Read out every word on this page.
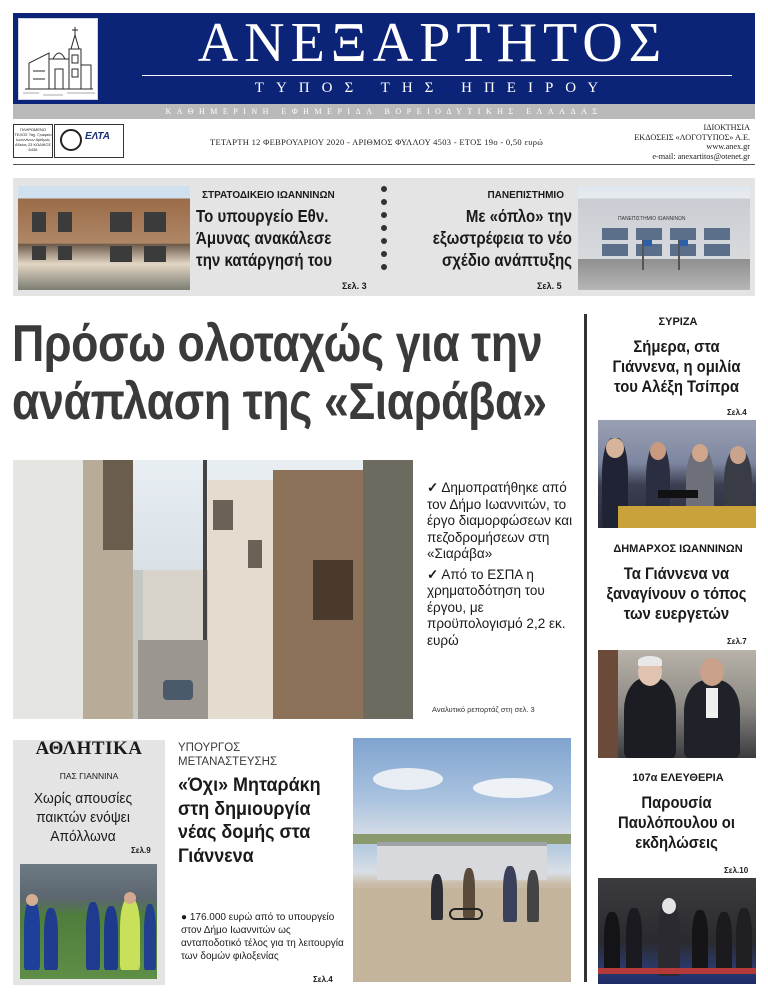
ΑΝΕΞΑΡΤΗΤΟΣ
ΤΥΠΟΣ ΤΗΣ ΗΠΕΙΡΟΥ
ΚΑΘΗΜΕΡΙΝΗ ΕΦΗΜΕΡΙΔΑ ΒΟΡΕΙΟΔΥΤΙΚΗΣ ΕΛΛΑΔΑΣ
ΠΛΗΡΩΜΕΝΟ ΤΕΛΟΣ Ταχ. Γραφείο Ιωαννίνων Αριθμός Αδείας 23 ΚΩΔΙΚΟΣ 6436
ΕΛΤΑ	ΤΕΤΑΡΤΗ 12 ΦΕΒΡΟΥΑΡΙΟΥ 2020 - ΑΡΙΘΜΟΣ ΦΥΛΛΟΥ 4503 - ΕΤΟΣ 19ο - 0,50 ευρώ
ΙΔΙΟΚΤΗΣΙΑ
ΕΚΔΟΣΕΙΣ «ΛΟΓΟΤΥΠΟΣ» Α.Ε.
www.anex.gr
e-mail: anexartitos@otenet.gr
ΣΤΡΑΤΟΔΙΚΕΙΟ ΙΩΑΝΝΙΝΩΝ
Το υπουργείο Εθν. Άμυνας ανακάλεσε την κατάργησή του
Σελ. 3
ΠΑΝΕΠΙΣΤΗΜΙΟ
Με «όπλο» την εξωστρέφεια το νέο σχέδιο ανάπτυξης
Σελ. 5
ΠΑΝΕΠΙΣΤΗΜΙΟ ΙΩΑΝΝΙΝΩΝ
Πρόσω ολοταχώς για την
ανάπλαση της «Σιαράβα»

✓ Δημοπρατήθηκε από τον Δήμο Ιωαννιτών, το έργο διαμορφώσεων και πεζοδρομήσεων στη «Σιαράβα»

✓ Από το ΕΣΠΑ η χρηματοδότηση του έργου, με προϋπολογισμό 2,2 εκ. ευρώ

Αναλυτικό ρεπορτάζ στη σελ. 3
ΣΥΡΙΖΑ
Σήμερα, στα Γιάννενα, η ομιλία του Αλέξη Τσίπρα
Σελ.4
ΔΗΜΑΡΧΟΣ ΙΩΑΝΝΙΝΩΝ
Τα Γιάννενα να ξαναγίνουν ο τόπος των ευεργετών
Σελ.7
107α ΕΛΕΥΘΕΡΙΑ
Παρουσία Παυλόπουλου οι εκδηλώσεις
Σελ.10
ΑΘΛΗΤΙΚΑ
ΠΑΣ ΓΙΑΝΝΙΝΑ
Χωρίς απουσίες παικτών ενόψει Απόλλωνα
Σελ.9
ΥΠΟΥΡΓΟΣ
ΜΕΤΑΝΑΣΤΕΥΣΗΣ
«Όχι» Μηταράκη στη δημιουργία νέας δομής στα Γιάννενα
● 176.000 ευρώ από το υπουργείο στον Δήμο Ιωαννιτών ως ανταποδοτικό τέλος για τη λειτουργία των δομών φιλοξενίας
Σελ.4
